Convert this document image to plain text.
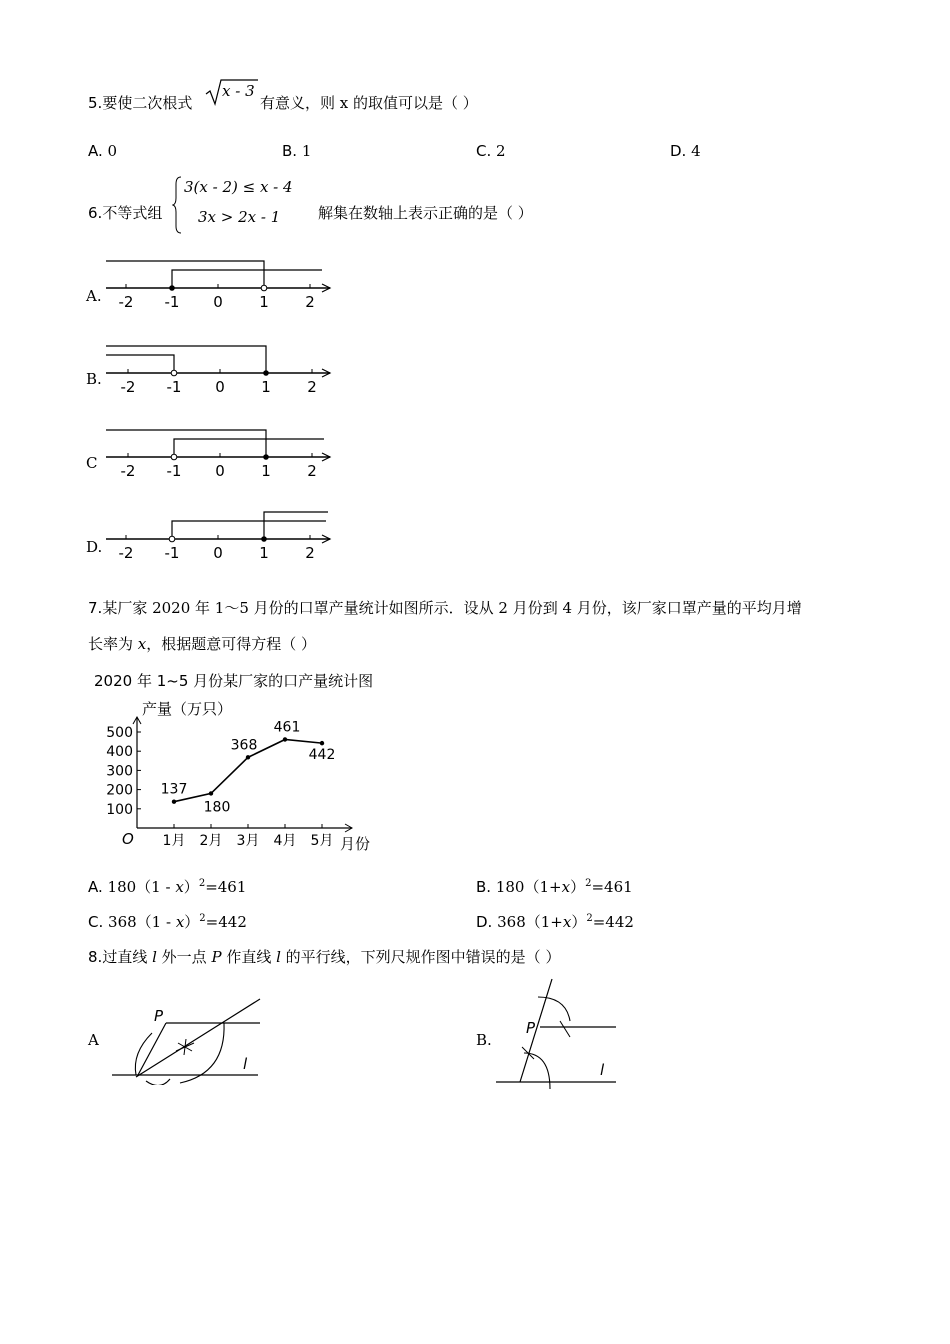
5.要使二次根式
x - 3
有意义，则 x 的取值可以是（ ）
A. 0	B. 1	C. 2	D. 4
6.不等式组
3(x - 2) ≤ x - 4
3x > 2x - 1	解集在数轴上表示正确的是（ ）
A. -2 -1 0 1 2
B. -2 -1 0 1 2
C -2 -1 0 1 2
D. -2 -1 0 1 2
7.某厂家 2020 年 1～5 月份的口罩产量统计如图所示．设从 2 月份到 4 月份，该厂家口罩产量的平均月增
长率为 x，根据题意可得方程（ ）
2020 年 1~5 月份某厂家的口产量统计图
产量（万只）
月份
O
100
200
300
400
500
1月 2月 3月 4月 5月
137
180
368
461
442
A. 180（1 - x）$^2$=461	B. $180(1+x)^2=461$
C. 368（1 - x）$^2$=442	D. $368(1+x)^2=442$
8.过直线 l 外一点 P 作直线 l 的平行线，下列尺规作图中错误的是（ ）
A
P
l
B.
P
l
